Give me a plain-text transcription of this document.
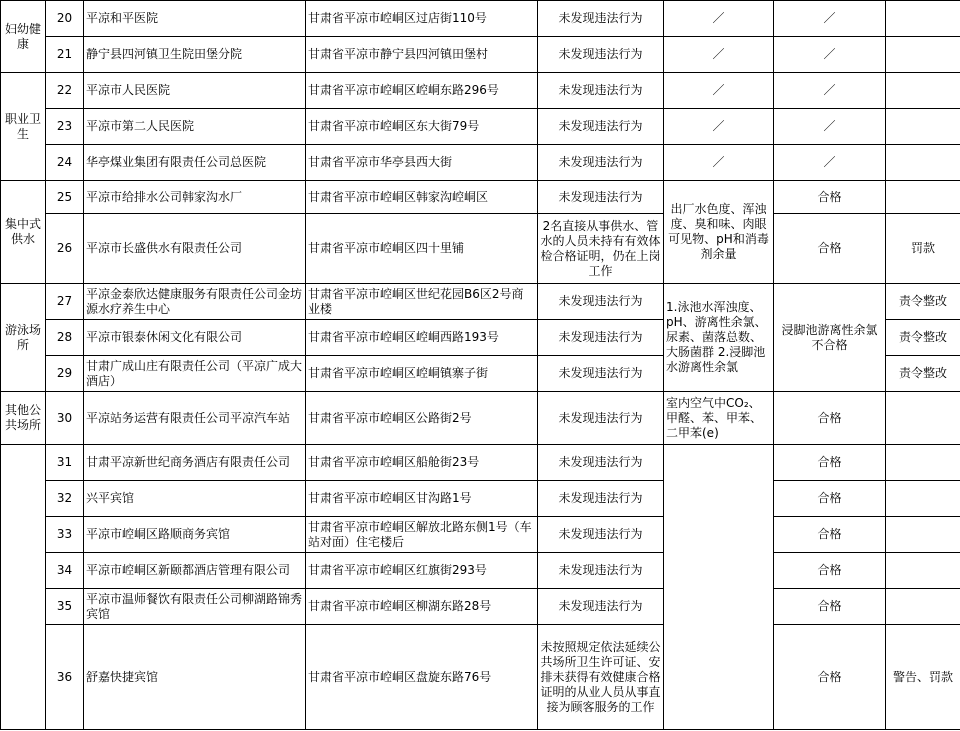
妇幼健康	20	平凉和平医院	甘肃省平凉市崆峒区过店街110号	未发现违法行为	／	／	
	21	静宁县四河镇卫生院田堡分院	甘肃省平凉市静宁县四河镇田堡村	未发现违法行为	／	／	
职业卫生	22	平凉市人民医院	甘肃省平凉市崆峒区崆峒东路296号	未发现违法行为	／	／	
	23	平凉市第二人民医院	甘肃省平凉市崆峒区东大街79号	未发现违法行为	／	／	
	24	华亭煤业集团有限责任公司总医院	甘肃省平凉市华亭县西大街	未发现违法行为	／	／	
集中式供水	25	平凉市给排水公司韩家沟水厂	甘肃省平凉市崆峒区韩家沟崆峒区	未发现违法行为	出厂水色度、浑浊度、臭和味、肉眼可见物、pH和消毒剂余量	合格	
	26	平凉市长盛供水有限责任公司	甘肃省平凉市崆峒区四十里铺	2名直接从事供水、管水的人员未持有有效体检合格证明，仍在上岗工作		合格	罚款
游泳场所	27	平凉金泰欣达健康服务有限责任公司金坊源水疗养生中心	甘肃省平凉市崆峒区世纪花园B6区2号商业楼	未发现违法行为	1.泳池水浑浊度、pH、游离性余氯、尿素、菌落总数、大肠菌群 2.浸脚池水游离性余氯	浸脚池游离性余氯 不合格	责令整改
	28	平凉市银泰休闲文化有限公司	甘肃省平凉市崆峒区崆峒西路193号	未发现违法行为			责令整改
	29	甘肃广成山庄有限责任公司（平凉广成大酒店）	甘肃省平凉市崆峒区崆峒镇寨子街	未发现违法行为			责令整改
其他公共场所	30	平凉站务运营有限责任公司平凉汽车站	甘肃省平凉市崆峒区公路街2号	未发现违法行为	室内空气中CO₂、甲醛、苯、甲苯、二甲苯(e)	合格	
	31	甘肃平凉新世纪商务酒店有限责任公司	甘肃省平凉市崆峒区船舱街23号	未发现违法行为		合格	
	32	兴平宾馆	甘肃省平凉市崆峒区甘沟路1号	未发现违法行为		合格	
	33	平凉市崆峒区路顺商务宾馆	甘肃省平凉市崆峒区解放北路东侧1号（车站对面）住宅楼后	未发现违法行为		合格	
	34	平凉市崆峒区新颐都酒店管理有限公司	甘肃省平凉市崆峒区红旗街293号	未发现违法行为		合格	
	35	平凉市温师餐饮有限责任公司柳湖路锦秀宾馆	甘肃省平凉市崆峒区柳湖东路28号	未发现违法行为		合格	
	36	舒嘉快捷宾馆	甘肃省平凉市崆峒区盘旋东路76号	未按照规定依法延续公共场所卫生许可证、安排未获得有效健康合格证明的从业人员从事直接为顾客服务的工作		合格	警告、罚款
